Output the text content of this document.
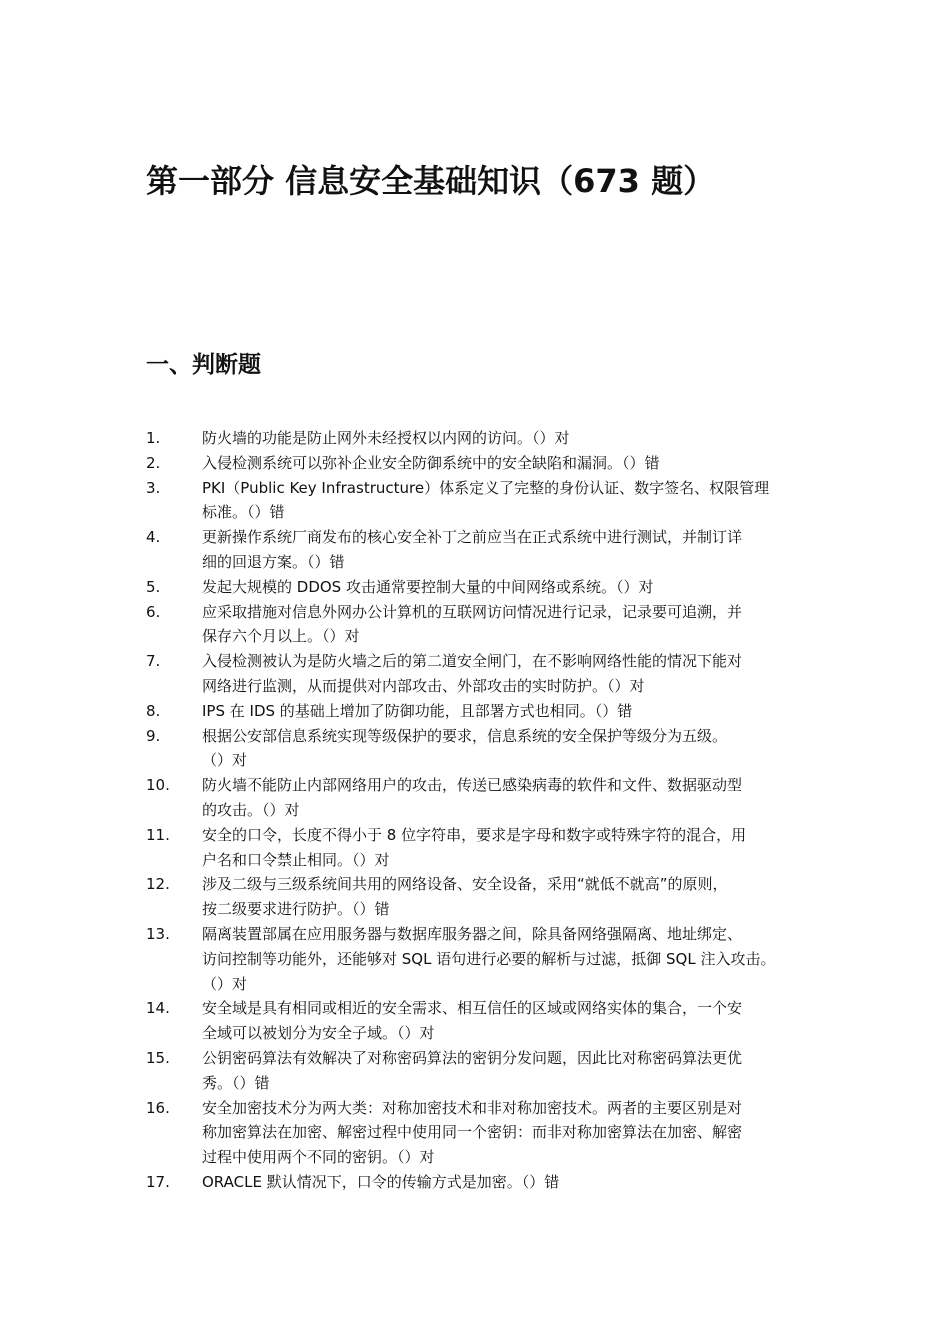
第一部分 信息安全基础知识（673 题）
一、判断题
1.	防火墙的功能是防止网外未经授权以内网的访问。（）对
2.	入侵检测系统可以弥补企业安全防御系统中的安全缺陷和漏洞。（）错
3.	PKI（Public Key Infrastructure）体系定义了完整的身份认证、数字签名、权限管理
标准。（）错
4.	更新操作系统厂商发布的核心安全补丁之前应当在正式系统中进行测试，并制订详
细的回退方案。（）错
5.	发起大规模的 DDOS 攻击通常要控制大量的中间网络或系统。（）对
6.	应采取措施对信息外网办公计算机的互联网访问情况进行记录，记录要可追溯，并
保存六个月以上。（）对
7.	入侵检测被认为是防火墙之后的第二道安全闸门，在不影响网络性能的情况下能对
网络进行监测，从而提供对内部攻击、外部攻击的实时防护。（）对
8.	IPS 在 IDS 的基础上增加了防御功能，且部署方式也相同。（）错
9.	根据公安部信息系统实现等级保护的要求，信息系统的安全保护等级分为五级。
（）对
10.	防火墙不能防止内部网络用户的攻击，传送已感染病毒的软件和文件、数据驱动型
的攻击。（）对
11.	安全的口令，长度不得小于 8 位字符串，要求是字母和数字或特殊字符的混合，用
户名和口令禁止相同。（）对
12.	涉及二级与三级系统间共用的网络设备、安全设备，采用“就低不就高”的原则，
按二级要求进行防护。（）错
13.	隔离装置部属在应用服务器与数据库服务器之间，除具备网络强隔离、地址绑定、
访问控制等功能外，还能够对 SQL 语句进行必要的解析与过滤，抵御 SQL 注入攻击。
（）对
14.	安全域是具有相同或相近的安全需求、相互信任的区域或网络实体的集合，一个安
全域可以被划分为安全子域。（）对
15.	公钥密码算法有效解决了对称密码算法的密钥分发问题，因此比对称密码算法更优
秀。（）错
16.	安全加密技术分为两大类：对称加密技术和非对称加密技术。两者的主要区别是对
称加密算法在加密、解密过程中使用同一个密钥：而非对称加密算法在加密、解密
过程中使用两个不同的密钥。（）对
17.	ORACLE 默认情况下，口令的传输方式是加密。（）错
